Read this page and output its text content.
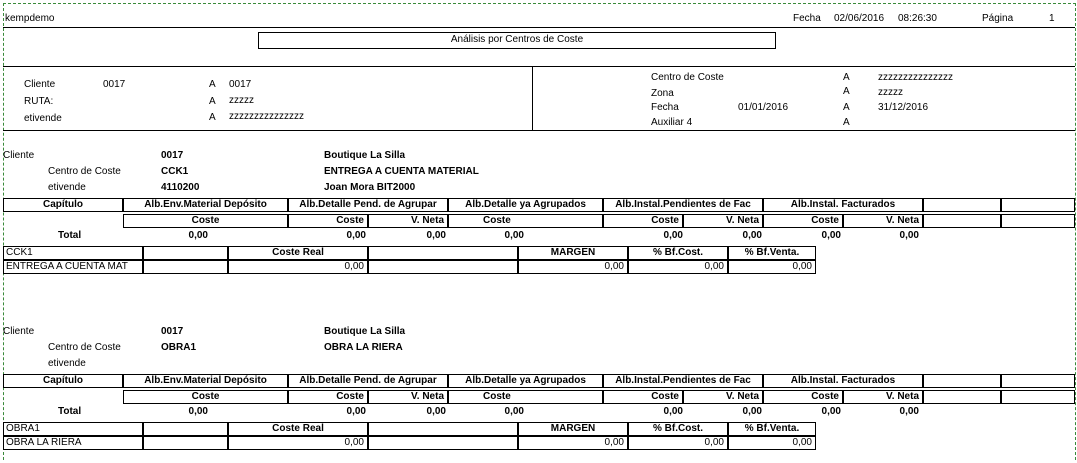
kempdemo	Fecha 02/06/2016 08:26:30	Página	1
Análisis por Centros de Coste
Cliente	0017	A 0017
RUTA:	A zzzzz
etivende	A zzzzzzzzzzzzzzz
Centro de Coste	A	zzzzzzzzzzzzzzz
Zona	A	zzzzz
Fecha	01/01/2016	A	31/12/2016
Auxiliar 4	A
Cliente	0017	Boutique La Silla
Centro de Coste	CCK1	ENTREGA A CUENTA MATERIAL
etivende	4110200	Joan Mora BIT2000
Capítulo	Alb.Env.Material Depósito	Alb.Detalle Pend. de Agrupar	Alb.Detalle ya Agrupados	Alb.Instal.Pendientes de Fac	Alb.Instal. Facturados
Coste	Coste	V. Neta	Coste	Coste	V. Neta	Coste	V. Neta
Total	0,00	0,00	0,00	0,00	0,00	0,00	0,00	0,00
CCK1	Coste Real	MARGEN	% Bf.Cost.	% Bf.Venta.
ENTREGA A CUENTA MAT	0,00	0,00	0,00	0,00
Cliente	0017	Boutique La Silla
Centro de Coste	OBRA1	OBRA LA RIERA
etivende
Capítulo	Alb.Env.Material Depósito	Alb.Detalle Pend. de Agrupar	Alb.Detalle ya Agrupados	Alb.Instal.Pendientes de Fac	Alb.Instal. Facturados
Coste	Coste	V. Neta	Coste	Coste	V. Neta	Coste	V. Neta
Total	0,00	0,00	0,00	0,00	0,00	0,00	0,00	0,00
OBRA1	Coste Real	MARGEN	% Bf.Cost.	% Bf.Venta.
OBRA LA RIERA	0,00	0,00	0,00	0,00
